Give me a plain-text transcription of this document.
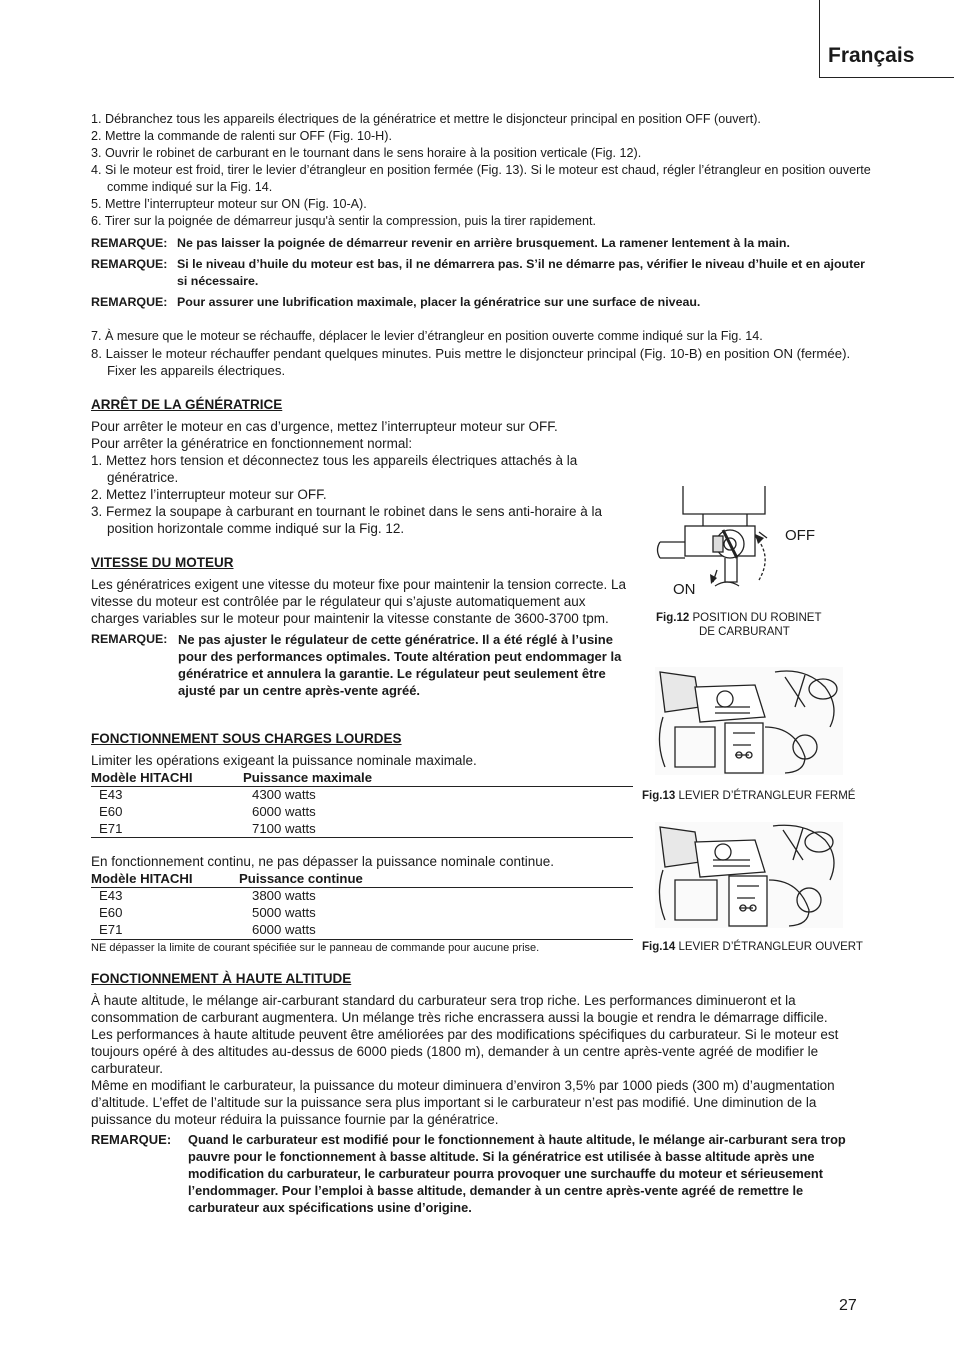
Français
1. Débranchez tous les appareils électriques de la génératrice et mettre le disjoncteur principal en position OFF (ouvert).
2. Mettre la commande de ralenti sur OFF (Fig. 10-H).
3. Ouvrir le robinet de carburant en le tournant dans le sens horaire à la position verticale (Fig. 12).
4. Si le moteur est froid, tirer le levier d’étrangleur en position fermée (Fig. 13). Si le moteur est chaud, régler l’étrangleur en position ouverte comme indiqué sur la Fig. 14.
5. Mettre l’interrupteur moteur sur ON (Fig. 10-A).
6. Tirer sur la poignée de démarreur jusqu'à sentir la compression, puis la tirer rapidement.
REMARQUE: Ne pas laisser la poignée de démarreur revenir en arrière brusquement. La ramener lentement à la main.
REMARQUE: Si le niveau d’huile du moteur est bas, il ne démarrera pas. S’il ne démarre pas, vérifier le niveau d’huile et en ajouter si nécessaire.
REMARQUE: Pour assurer une lubrification maximale, placer la génératrice sur une surface de niveau.
7. À mesure que le moteur se réchauffe, déplacer le levier d’étrangleur en position ouverte comme indiqué sur la Fig. 14.
8. Laisser le moteur réchauffer pendant quelques minutes. Puis mettre le disjoncteur principal (Fig. 10-B) en position ON (fermée). Fixer les appareils électriques.
ARRÊT DE LA GÉNÉRATRICE
Pour arrêter le moteur en cas d’urgence, mettez l’interrupteur moteur sur OFF.
Pour arrêter la génératrice en fonctionnement normal:
1. Mettez hors tension et déconnectez tous les appareils électriques attachés à la génératrice.
2. Mettez l’interrupteur moteur sur OFF.
3. Fermez la soupape à carburant en tournant le robinet dans le sens anti-horaire à la position horizontale comme indiqué sur la Fig. 12.
VITESSE DU MOTEUR
Les génératrices exigent une vitesse du moteur fixe pour maintenir la tension correcte. La vitesse du moteur est contrôlée par le régulateur qui s’ajuste automatiquement aux charges variables sur le moteur pour maintenir la vitesse constante de 3600-3700 tpm.
REMARQUE: Ne pas ajuster le régulateur de cette génératrice. Il a été réglé à l’usine pour des performances optimales. Toute altération peut endommager la génératrice et annulera la garantie. Le régulateur peut seulement être ajusté par un centre après-vente agréé.
FONCTIONNEMENT SOUS CHARGES LOURDES
Limiter les opérations exigeant la puissance nominale maximale.
Modèle HITACHI	Puissance maximale
E43	4300 watts
E60	6000 watts
E71	7100 watts
En fonctionnement continu, ne pas dépasser la puissance nominale continue.
Modèle HITACHI	Puissance continue
E43	3800 watts
E60	5000 watts
E71	6000 watts
NE dépasser la limite de courant spécifiée sur le panneau de commande pour aucune prise.
FONCTIONNEMENT À HAUTE ALTITUDE
À haute altitude, le mélange air-carburant standard du carburateur sera trop riche. Les performances diminueront et la consommation de carburant augmentera. Un mélange très riche encrassera aussi la bougie et rendra le démarrage difficile.
Les performances à haute altitude peuvent être améliorées par des modifications spécifiques du carburateur. Si le moteur est toujours opéré à des altitudes au-dessus de 6000 pieds (1800 m), demander à un centre après-vente agréé de modifier le carburateur.
Même en modifiant le carburateur, la puissance du moteur diminuera d’environ 3,5% par 1000 pieds (300 m) d’augmentation d’altitude. L’effet de l’altitude sur la puissance sera plus important si le carburateur n’est pas modifié. Une diminution de la puissance du moteur réduira la puissance fournie par la génératrice.
REMARQUE:	Quand le carburateur est modifié pour le fonctionnement à haute altitude, le mélange air-carburant sera trop pauvre pour le fonctionnement à basse altitude. Si la génératrice est utilisée à basse altitude après une modification du carburateur, le carburateur pourra provoquer une surchauffe du moteur et sérieusement l’endommager. Pour l’emploi à basse altitude, demander à un centre après-vente agréé de remettre le carburateur aux spécifications usine d’origine.
OFF
ON
Fig.12 POSITION DU ROBINET
DE CARBURANT
Fig.13 LEVIER D’ÉTRANGLEUR FERMÉ
Fig.14 LEVIER D’ÉTRANGLEUR OUVERT
27
